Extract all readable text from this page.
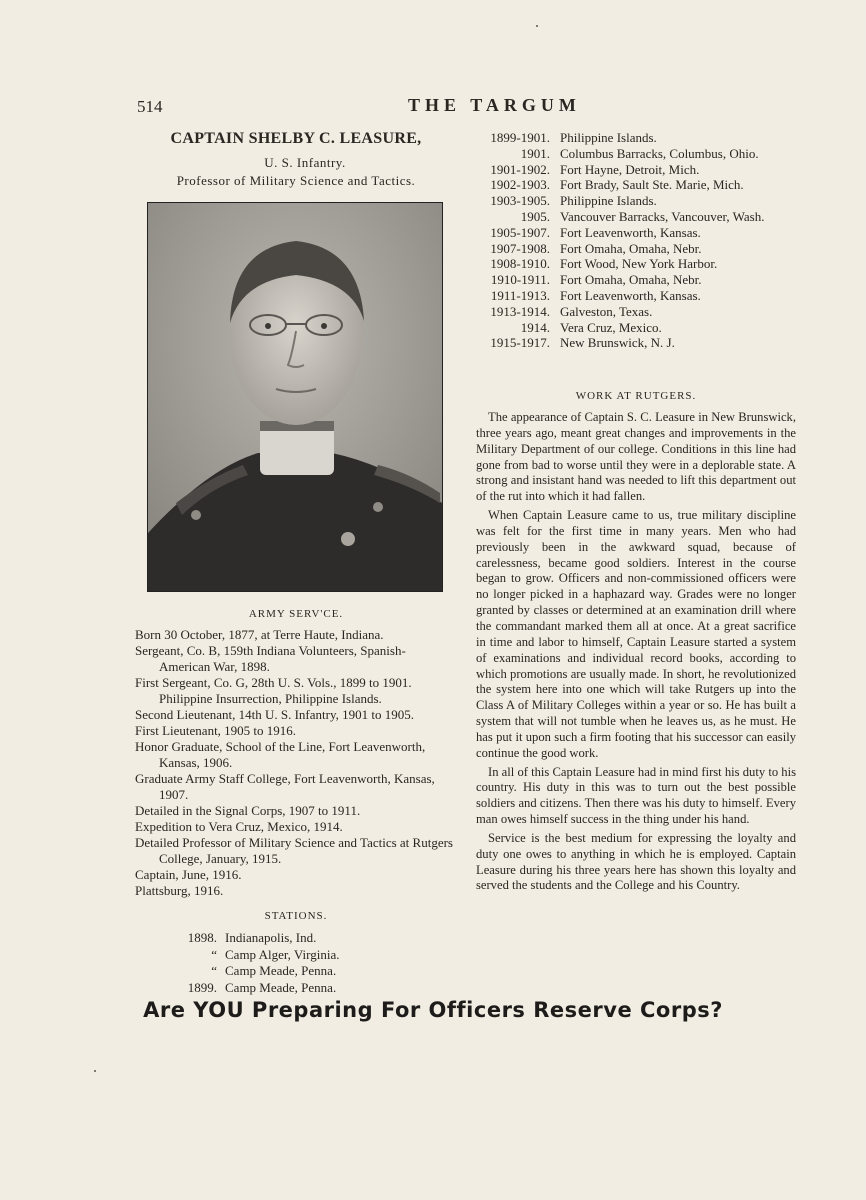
514	THE TARGUM
CAPTAIN SHELBY C. LEASURE,
U. S. Infantry.
Professor of Military Science and Tactics.
ARMY SERV'CE.
Born 30 October, 1877, at Terre Haute, Indiana.
Sergeant, Co. B, 159th Indiana Volunteers, Spanish-American War, 1898.
First Sergeant, Co. G, 28th U. S. Vols., 1899 to 1901. Philippine Insurrection, Philippine Islands.
Second Lieutenant, 14th U. S. Infantry, 1901 to 1905.
First Lieutenant, 1905 to 1916.
Honor Graduate, School of the Line, Fort Leavenworth, Kansas, 1906.
Graduate Army Staff College, Fort Leavenworth, Kansas, 1907.
Detailed in the Signal Corps, 1907 to 1911.
Expedition to Vera Cruz, Mexico, 1914.
Detailed Professor of Military Science and Tactics at Rutgers College, January, 1915.
Captain, June, 1916.
Plattsburg, 1916.
STATIONS.
1898. Indianapolis, Ind.
“ Camp Alger, Virginia.
“ Camp Meade, Penna.
1899. Camp Meade, Penna.
1899-1901. Philippine Islands.
1901. Columbus Barracks, Columbus, Ohio.
1901-1902. Fort Hayne, Detroit, Mich.
1902-1903. Fort Brady, Sault Ste. Marie, Mich.
1903-1905. Philippine Islands.
1905. Vancouver Barracks, Vancouver, Wash.
1905-1907. Fort Leavenworth, Kansas.
1907-1908. Fort Omaha, Omaha, Nebr.
1908-1910. Fort Wood, New York Harbor.
1910-1911. Fort Omaha, Omaha, Nebr.
1911-1913. Fort Leavenworth, Kansas.
1913-1914. Galveston, Texas.
1914. Vera Cruz, Mexico.
1915-1917. New Brunswick, N. J.
WORK AT RUTGERS.

The appearance of Captain S. C. Leasure in New Brunswick, three years ago, meant great changes and improvements in the Military Department of our college. Conditions in this line had gone from bad to worse until they were in a deplorable state. A strong and insistant hand was needed to lift this department out of the rut into which it had fallen.

When Captain Leasure came to us, true military discipline was felt for the first time in many years. Men who had previously been in the awkward squad, because of carelessness, became good soldiers. Interest in the course began to grow. Officers and non-commissioned officers were no longer picked in a haphazard way. Grades were no longer granted by classes or determined at an examination drill where the commandant marked them all at once. At a great sacrifice in time and labor to himself, Captain Leasure started a system of examinations and individual record books, according to which promotions are usually made. In short, he revolutionized the system here into one which will take Rutgers up into the Class A of Military Colleges within a year or so. He has built a system that will not tumble when he leaves us, as he must. He has put it upon such a firm footing that his successor can easily continue the good work.

In all of this Captain Leasure had in mind first his duty to his country. His duty in this was to turn out the best possible soldiers and citizens. Then there was his duty to himself. Every man owes himself success in the thing under his hand.

Service is the best medium for expressing the loyalty and duty one owes to anything in which he is employed. Captain Leasure during his three years here has shown this loyalty and served the students and the College and his Country.

Are YOU Preparing For Officers Reserve Corps?
